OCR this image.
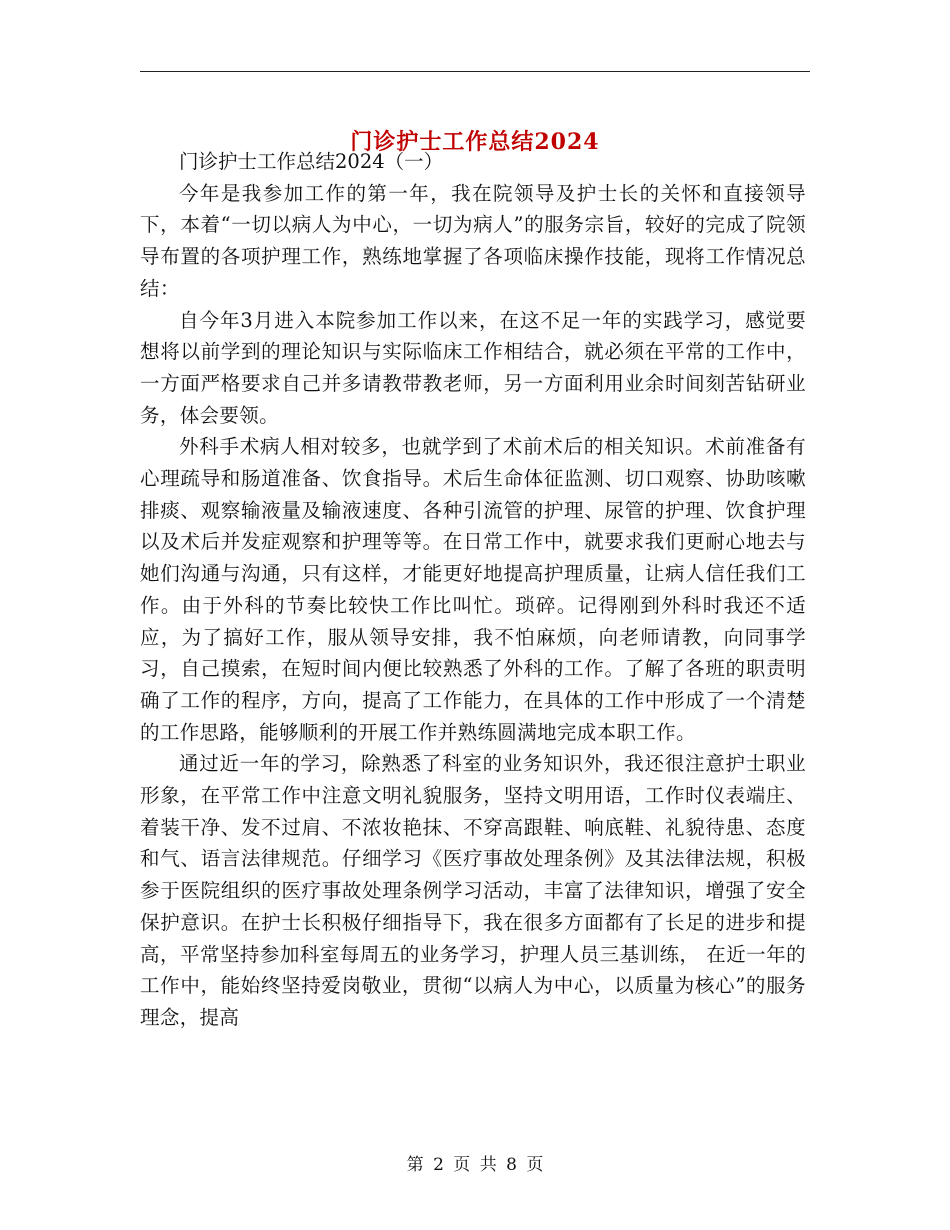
门诊护士工作总结2024

门诊护士工作总结2024（一）

今年是我参加工作的第一年，我在院领导及护士长的关怀和直接领导下，本着“一切以病人为中心，一切为病人”的服务宗旨，较好的完成了院领导布置的各项护理工作，熟练地掌握了各项临床操作技能，现将工作情况总结：

自今年3月进入本院参加工作以来，在这不足一年的实践学习，感觉要想将以前学到的理论知识与实际临床工作相结合，就必须在平常的工作中，一方面严格要求自己并多请教带教老师，另一方面利用业余时间刻苦钻研业务，体会要领。

外科手术病人相对较多，也就学到了术前术后的相关知识。术前准备有心理疏导和肠道准备、饮食指导。术后生命体征监测、切口观察、协助咳嗽排痰、观察输液量及输液速度、各种引流管的护理、尿管的护理、饮食护理以及术后并发症观察和护理等等。在日常工作中，就要求我们更耐心地去与她们沟通与沟通，只有这样，才能更好地提高护理质量，让病人信任我们工作。由于外科的节奏比较快工作比叫忙。琐碎。记得刚到外科时我还不适应，为了搞好工作，服从领导安排，我不怕麻烦，向老师请教，向同事学习，自己摸索，在短时间内便比较熟悉了外科的工作。了解了各班的职责明确了工作的程序，方向，提高了工作能力，在具体的工作中形成了一个清楚的工作思路，能够顺利的开展工作并熟练圆满地完成本职工作。

通过近一年的学习，除熟悉了科室的业务知识外，我还很注意护士职业形象，在平常工作中注意文明礼貌服务，坚持文明用语，工作时仪表端庄、着装干净、发不过肩、不浓妆艳抹、不穿高跟鞋、响底鞋、礼貌待患、态度和气、语言法律规范。仔细学习《医疗事故处理条例》及其法律法规，积极参于医院组织的医疗事故处理条例学习活动，丰富了法律知识，增强了安全保护意识。在护士长积极仔细指导下，我在很多方面都有了长足的进步和提高，平常坚持参加科室每周五的业务学习，护理人员三基训练， 在近一年的工作中，能始终坚持爱岗敬业，贯彻“以病人为中心，以质量为核心”的服务理念，提高

第 2 页 共 8 页
